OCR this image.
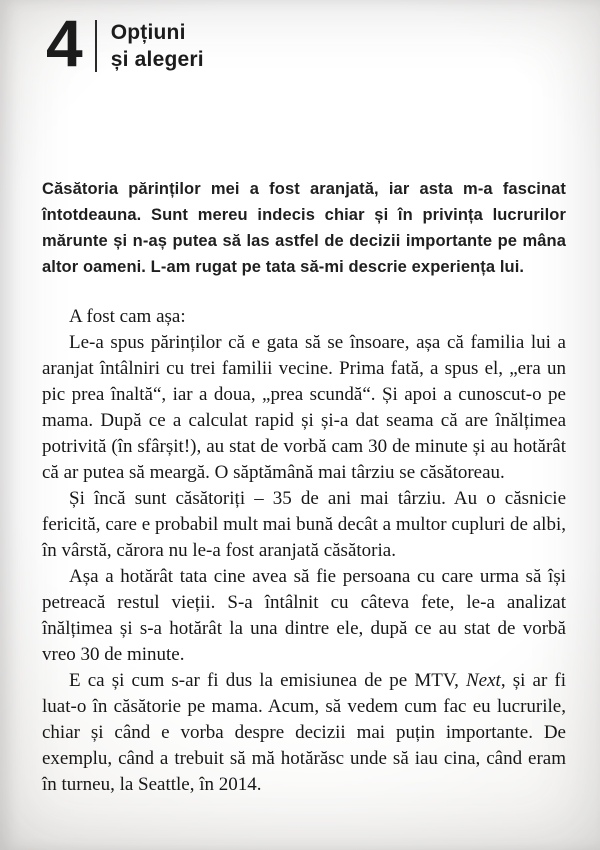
4 Opțiuni
și alegeri
Căsătoria părinților mei a fost aranjată, iar asta m-a fascinat întotdeauna. Sunt mereu indecis chiar și în privința lucrurilor mărunte și n-aș putea să las astfel de decizii importante pe mâna altor oameni. L-am rugat pe tata să-mi descrie experiența lui.

A fost cam așa:

Le-a spus părinților că e gata să se însoare, așa că familia lui a aranjat întâlniri cu trei familii vecine. Prima fată, a spus el, „era un pic prea înaltă“, iar a doua, „prea scundă“. Și apoi a cunoscut-o pe mama. După ce a calculat rapid și și-a dat seama că are înălțimea potrivită (în sfârșit!), au stat de vorbă cam 30 de minute și au hotărât că ar putea să meargă. O săptămână mai târziu se căsătoreau.

Și încă sunt căsătoriți – 35 de ani mai târziu. Au o căsnicie fericită, care e probabil mult mai bună decât a multor cupluri de albi, în vârstă, cărora nu le-a fost aranjată căsătoria.

Așa a hotărât tata cine avea să fie persoana cu care urma să își petreacă restul vieții. S-a întâlnit cu câteva fete, le-a analizat înălțimea și s-a hotărât la una dintre ele, după ce au stat de vorbă vreo 30 de minute.

E ca și cum s-ar fi dus la emisiunea de pe MTV, Next, și ar fi luat-o în căsătorie pe mama. Acum, să vedem cum fac eu lucrurile, chiar și când e vorba despre decizii mai puțin importante. De exemplu, când a trebuit să mă hotărăsc unde să iau cina, când eram în turneu, la Seattle, în 2014.
